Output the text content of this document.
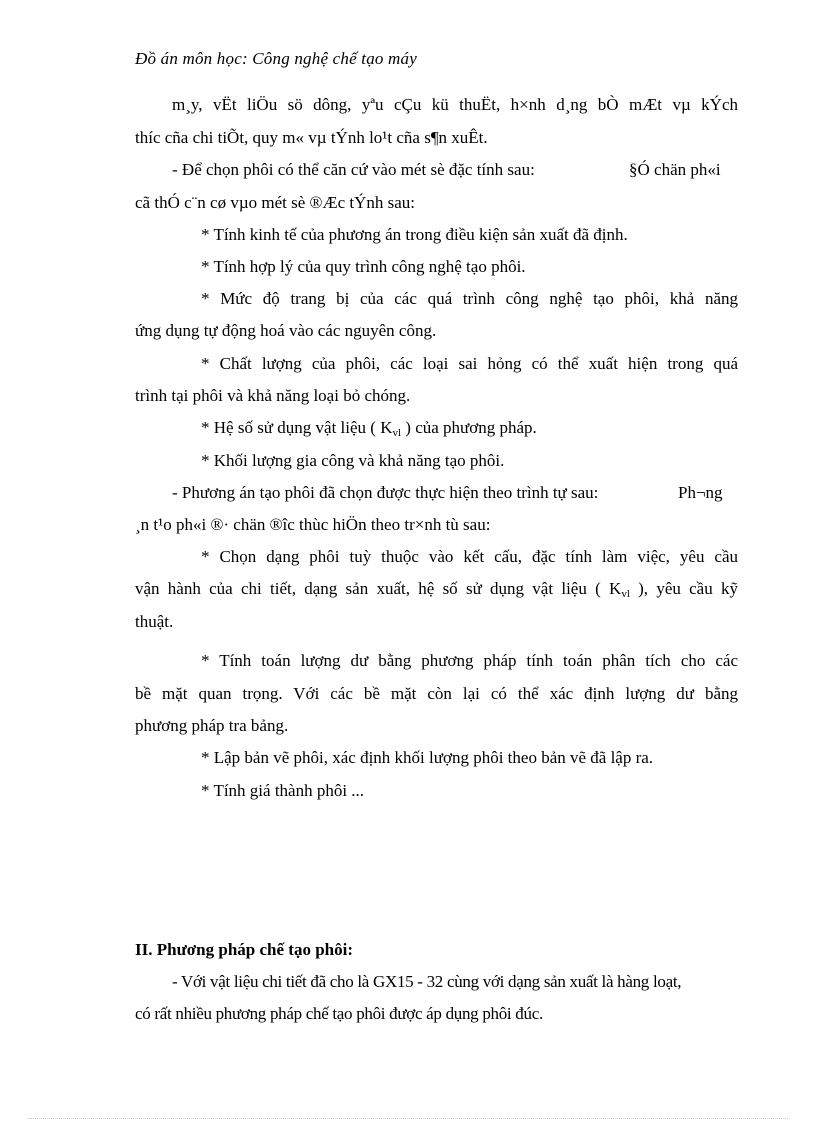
Đồ án môn học: Công nghệ chế tạo máy
m¸y, vËt liÖu sö dông, yªu cÇu kü thuËt, h×nh d¸ng bÒ mÆt vµ kÝch
thíc cña chi tiÕt, quy m« vµ tÝnh lo¹t cña s¶n xuÊt.
- Để chọn phôi có thể căn cứ vào mét sè đặc tính sau:	§Ó chän ph«i
cã thÓ c¨n cø vµo mét sè ®Æc tÝnh sau:
* Tính kinh tế của phương án trong điều kiện sản xuất đã định.
* Tính hợp lý của quy trình công nghệ tạo phôi.
* Mức độ trang bị của các quá trình công nghệ tạo phôi, khả năng
ứng dụng tự động hoá vào các nguyên công.
* Chất lượng của phôi, các loại sai hỏng có thể xuất hiện trong quá
trình tại phôi và khả năng loại bỏ chóng.
* Hệ số sử dụng vật liệu ( Kvl ) của phương pháp.
* Khối lượng gia công và khả năng tạo phôi.
- Phương án tạo phôi đã chọn được thực hiện theo trình tự sau:	Ph¬ng
¸n t¹o ph«i ®· chän ®îc thùc hiÖn theo tr×nh tù sau:
* Chọn dạng phôi tuỳ thuộc vào kết cấu, đặc tính làm việc, yêu cầu
vận hành của chi tiết, dạng sản xuất, hệ số sử dụng vật liệu ( Kvl ), yêu cầu kỹ
thuật.
* Tính toán lượng dư bằng phương pháp tính toán phân tích cho các
bề mặt quan trọng. Với các bề mặt còn lại có thể xác định lượng dư bằng
phương pháp tra bảng.
* Lập bản vẽ phôi, xác định khối lượng phôi theo bản vẽ đã lập ra.
* Tính giá thành phôi ...
II. Phương pháp chế tạo phôi:
- Với vật liệu chi tiết đã cho là GX15 - 32 cùng với dạng sản xuất là hàng loạt,
có rất nhiều phương pháp chế tạo phôi được áp dụng phôi đúc.
